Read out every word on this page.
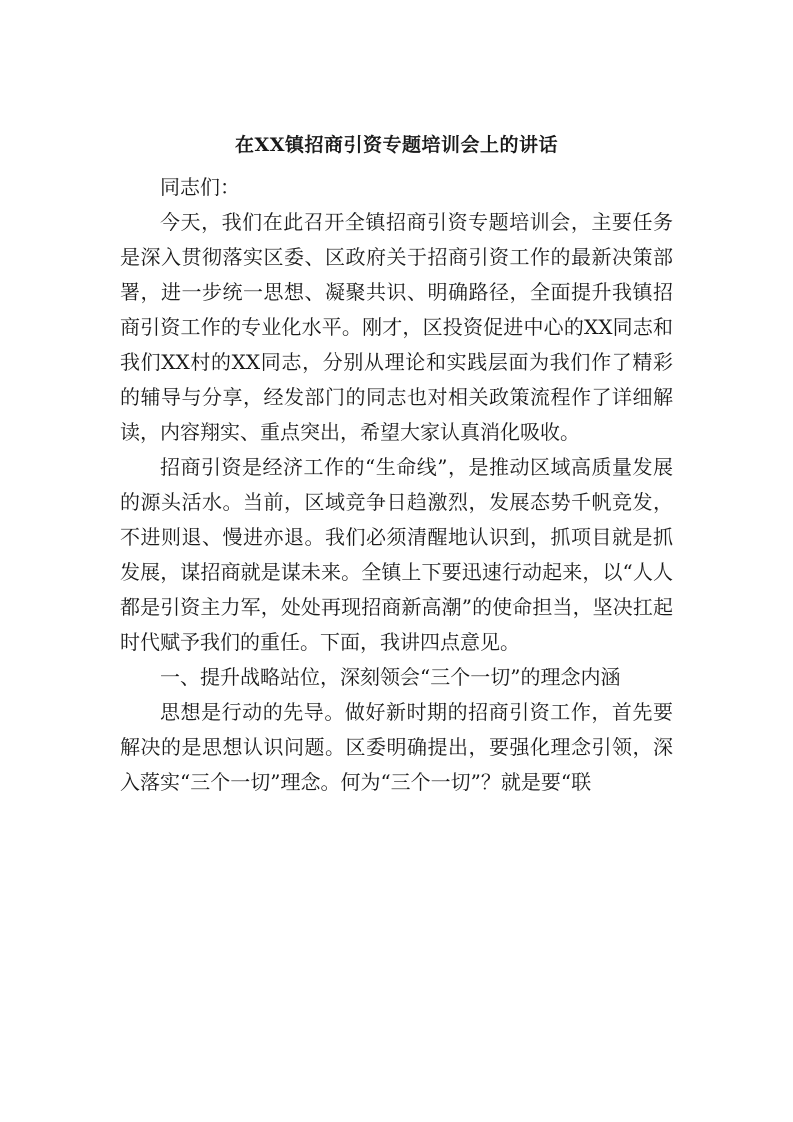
在XX镇招商引资专题培训会上的讲话

同志们：

今天，我们在此召开全镇招商引资专题培训会，主要任务是深入贯彻落实区委、区政府关于招商引资工作的最新决策部署，进一步统一思想、凝聚共识、明确路径，全面提升我镇招商引资工作的专业化水平。刚才，区投资促进中心的XX同志和我们XX村的XX同志，分别从理论和实践层面为我们作了精彩的辅导与分享，经发部门的同志也对相关政策流程作了详细解读，内容翔实、重点突出，希望大家认真消化吸收。

招商引资是经济工作的“生命线”，是推动区域高质量发展的源头活水。当前，区域竞争日趋激烈，发展态势千帆竞发，不进则退、慢进亦退。我们必须清醒地认识到，抓项目就是抓发展，谋招商就是谋未来。全镇上下要迅速行动起来，以“人人都是引资主力军，处处再现招商新高潮”的使命担当，坚决扛起时代赋予我们的重任。下面，我讲四点意见。

一、提升战略站位，深刻领会“三个一切”的理念内涵

思想是行动的先导。做好新时期的招商引资工作，首先要解决的是思想认识问题。区委明确提出，要强化理念引领，深入落实“三个一切”理念。何为“三个一切”？就是要“联
